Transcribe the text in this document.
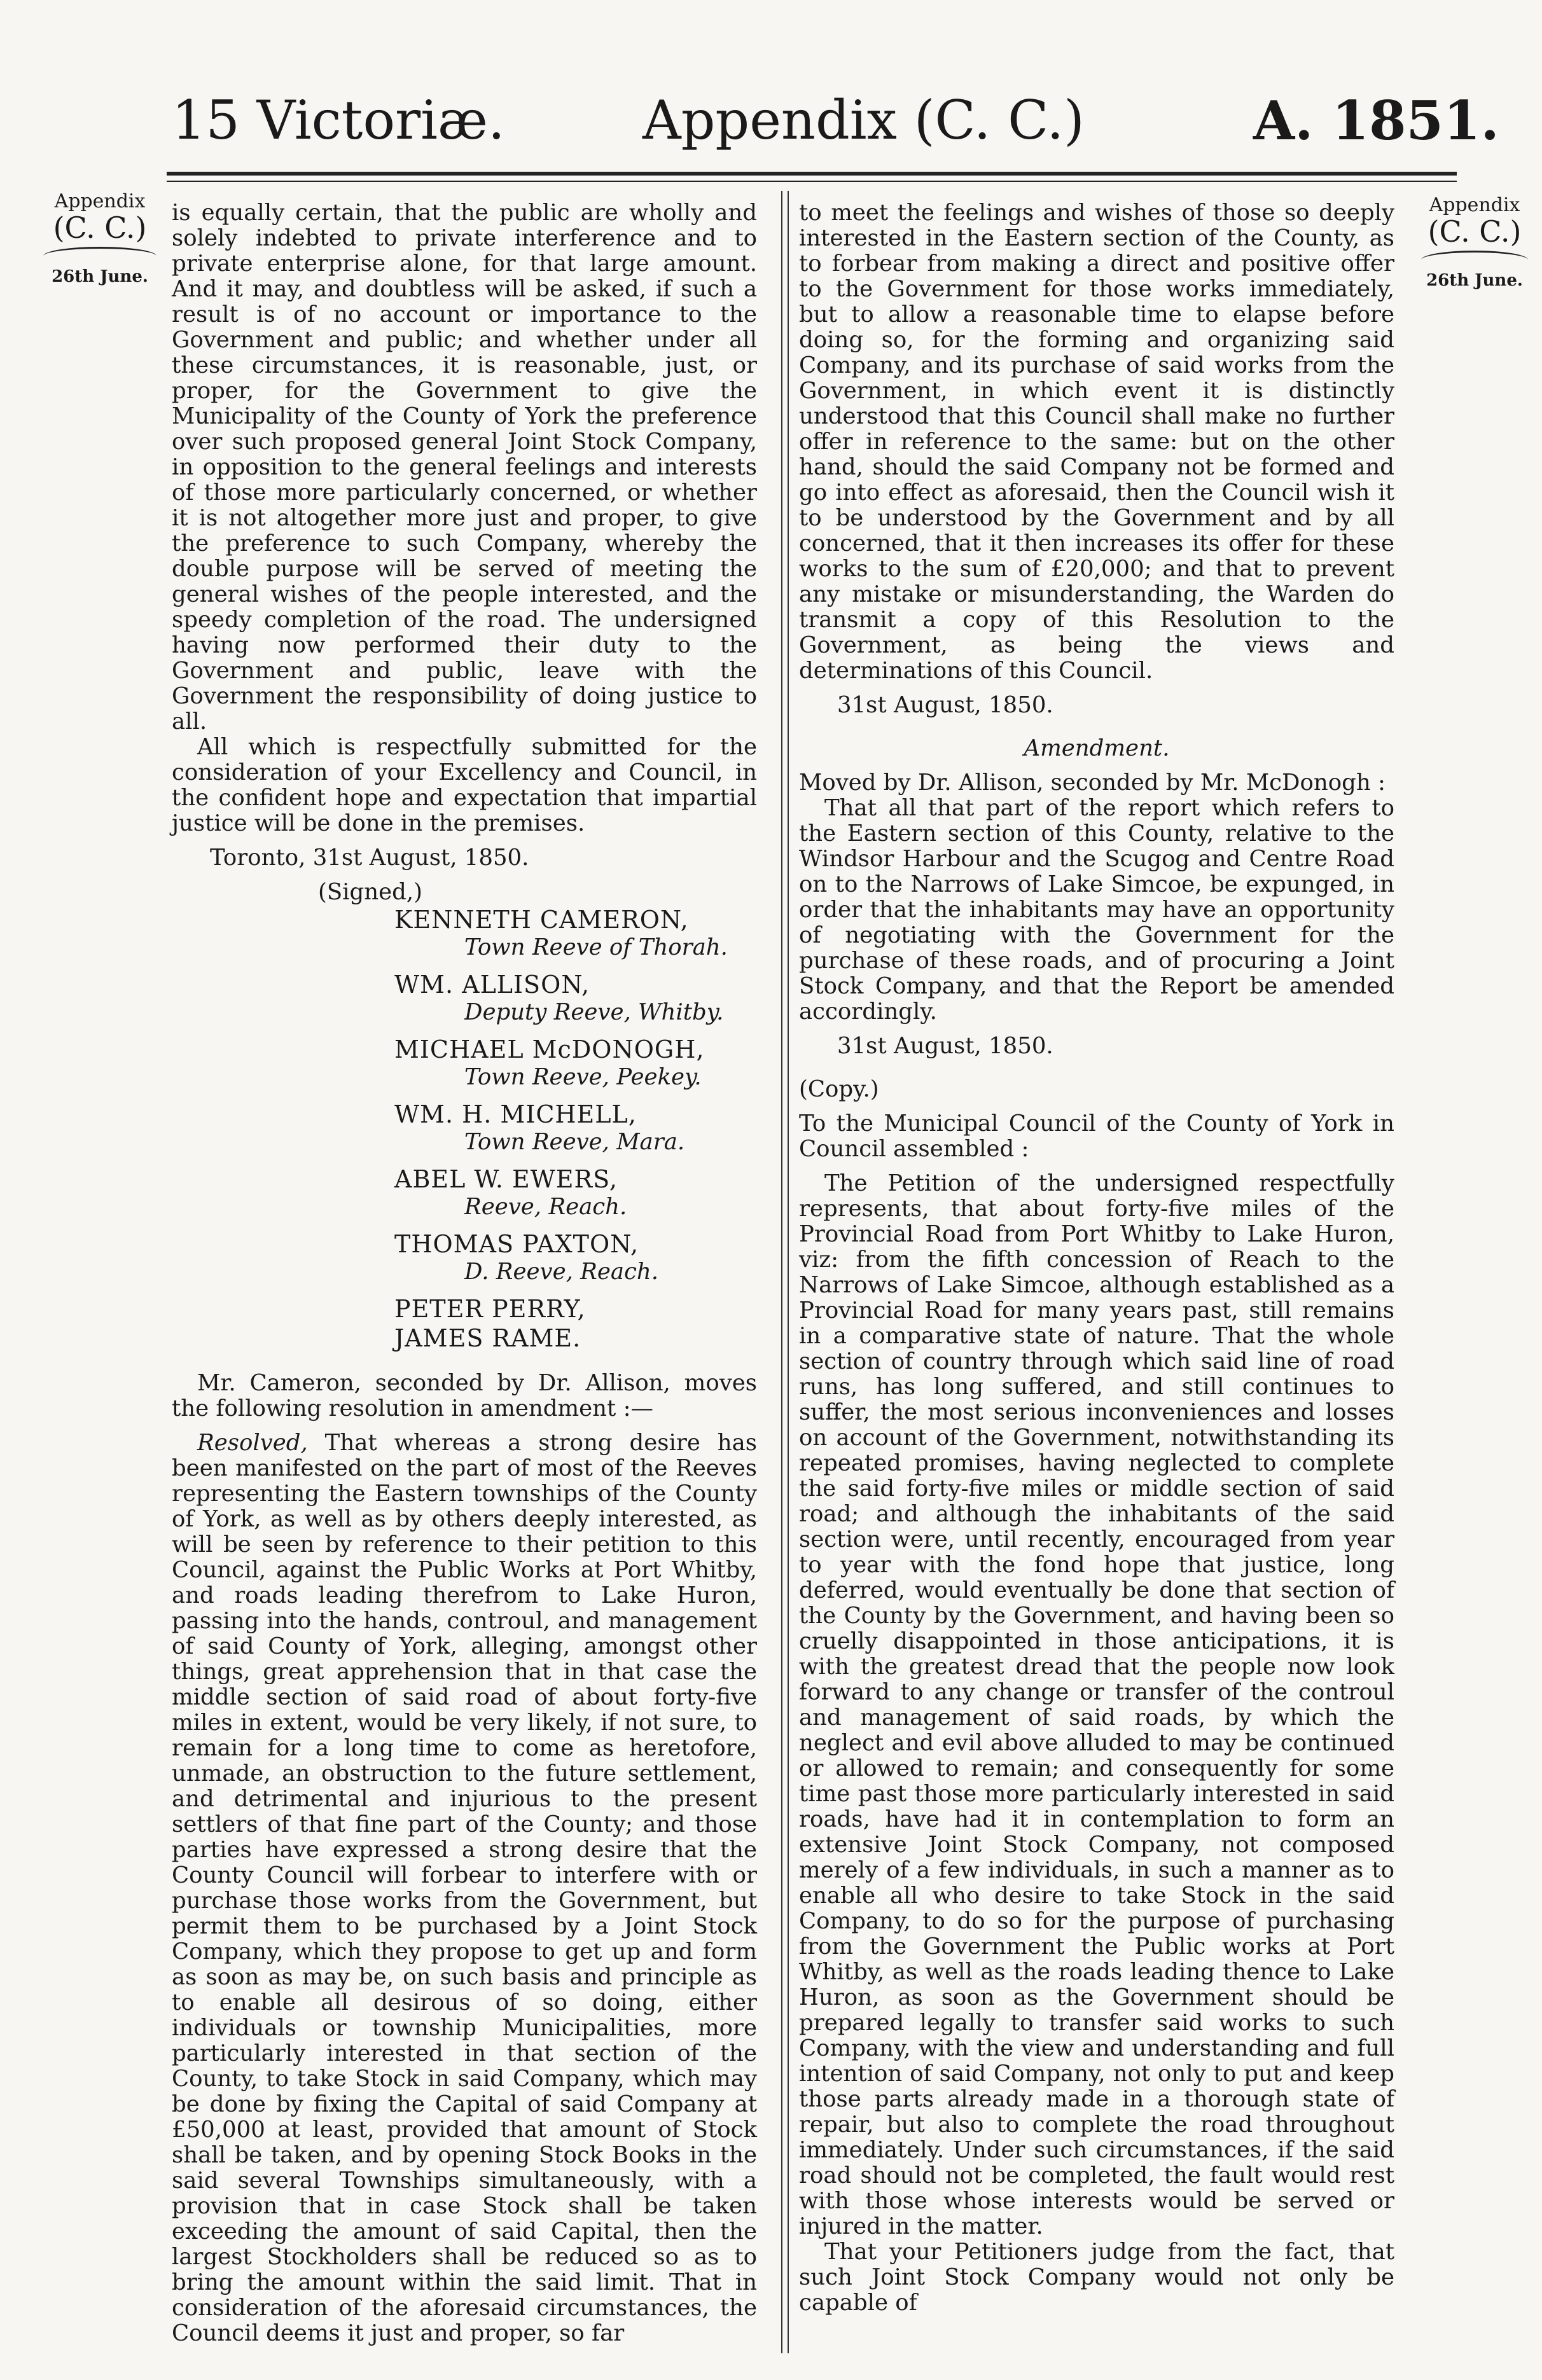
15 Victoriæ.	Appendix (C. C.)	A. 1851.
Appendix
(C. C.)
26th June.
Appendix
(C. C.)
26th June.

is equally certain, that the public are wholly and solely indebted to private interference and to private enterprise alone, for that large amount. And it may, and doubtless will be asked, if such a result is of no account or importance to the Government and public; and whether under all these circumstances, it is reasonable, just, or proper, for the Government to give the Municipality of the County of York the preference over such proposed general Joint Stock Company, in opposition to the general feelings and interests of those more particularly concerned, or whether it is not altogether more just and proper, to give the preference to such Company, whereby the double purpose will be served of meeting the general wishes of the people interested, and the speedy completion of the road. The undersigned having now performed their duty to the Government and public, leave with the Government the responsibility of doing justice to all.

All which is respectfully submitted for the consideration of your Excellency and Council, in the confident hope and expectation that impartial justice will be done in the premises.

Toronto, 31st August, 1850.

(Signed,)

KENNETH CAMERON,

Town Reeve of Thorah.

WM. ALLISON,

Deputy Reeve, Whitby.

MICHAEL McDONOGH,

Town Reeve, Peekey.

WM. H. MICHELL,

Town Reeve, Mara.

ABEL W. EWERS,

Reeve, Reach.

THOMAS PAXTON,

D. Reeve, Reach.

PETER PERRY,

JAMES RAME.

Mr. Cameron, seconded by Dr. Allison, moves the following resolution in amendment :—

Resolved, That whereas a strong desire has been manifested on the part of most of the Reeves representing the Eastern townships of the County of York, as well as by others deeply interested, as will be seen by reference to their petition to this Council, against the Public Works at Port Whitby, and roads leading therefrom to Lake Huron, passing into the hands, controul, and management of said County of York, alleging, amongst other things, great apprehension that in that case the middle section of said road of about forty-five miles in extent, would be very likely, if not sure, to remain for a long time to come as heretofore, unmade, an obstruction to the future settlement, and detrimental and injurious to the present settlers of that fine part of the County; and those parties have expressed a strong desire that the County Council will forbear to interfere with or purchase those works from the Government, but permit them to be purchased by a Joint Stock Company, which they propose to get up and form as soon as may be, on such basis and principle as to enable all desirous of so doing, either individuals or township Municipalities, more particularly interested in that section of the County, to take Stock in said Company, which may be done by fixing the Capital of said Company at £50,000 at least, provided that amount of Stock shall be taken, and by opening Stock Books in the said several Townships simultaneously, with a provision that in case Stock shall be taken exceeding the amount of said Capital, then the largest Stockholders shall be reduced so as to bring the amount within the said limit. That in consideration of the aforesaid circumstances, the Council deems it just and proper, so far

to meet the feelings and wishes of those so deeply interested in the Eastern section of the County, as to forbear from making a direct and positive offer to the Government for those works immediately, but to allow a reasonable time to elapse before doing so, for the forming and organizing said Company, and its purchase of said works from the Government, in which event it is distinctly understood that this Council shall make no further offer in reference to the same: but on the other hand, should the said Company not be formed and go into effect as aforesaid, then the Council wish it to be understood by the Government and by all concerned, that it then increases its offer for these works to the sum of £20,000; and that to prevent any mistake or misunderstanding, the Warden do transmit a copy of this Resolution to the Government, as being the views and determinations of this Council.

31st August, 1850.

Amendment.

Moved by Dr. Allison, seconded by Mr. McDonogh :

That all that part of the report which refers to the Eastern section of this County, relative to the Windsor Harbour and the Scugog and Centre Road on to the Narrows of Lake Simcoe, be expunged, in order that the inhabitants may have an opportunity of negotiating with the Government for the purchase of these roads, and of procuring a Joint Stock Company, and that the Report be amended accordingly.

31st August, 1850.

(Copy.)

To the Municipal Council of the County of York in Council assembled :

The Petition of the undersigned respectfully represents, that about forty-five miles of the Provincial Road from Port Whitby to Lake Huron, viz: from the fifth concession of Reach to the Narrows of Lake Simcoe, although established as a Provincial Road for many years past, still remains in a comparative state of nature. That the whole section of country through which said line of road runs, has long suffered, and still continues to suffer, the most serious inconveniences and losses on account of the Government, notwithstanding its repeated promises, having neglected to complete the said forty-five miles or middle section of said road; and although the inhabitants of the said section were, until recently, encouraged from year to year with the fond hope that justice, long deferred, would eventually be done that section of the County by the Government, and having been so cruelly disappointed in those anticipations, it is with the greatest dread that the people now look forward to any change or transfer of the controul and management of said roads, by which the neglect and evil above alluded to may be continued or allowed to remain; and consequently for some time past those more particularly interested in said roads, have had it in contemplation to form an extensive Joint Stock Company, not composed merely of a few individuals, in such a manner as to enable all who desire to take Stock in the said Company, to do so for the purpose of purchasing from the Government the Public works at Port Whitby, as well as the roads leading thence to Lake Huron, as soon as the Government should be prepared legally to transfer said works to such Company, with the view and understanding and full intention of said Company, not only to put and keep those parts already made in a thorough state of repair, but also to complete the road throughout immediately. Under such circumstances, if the said road should not be completed, the fault would rest with those whose interests would be served or injured in the matter.

That your Petitioners judge from the fact, that such Joint Stock Company would not only be capable of
